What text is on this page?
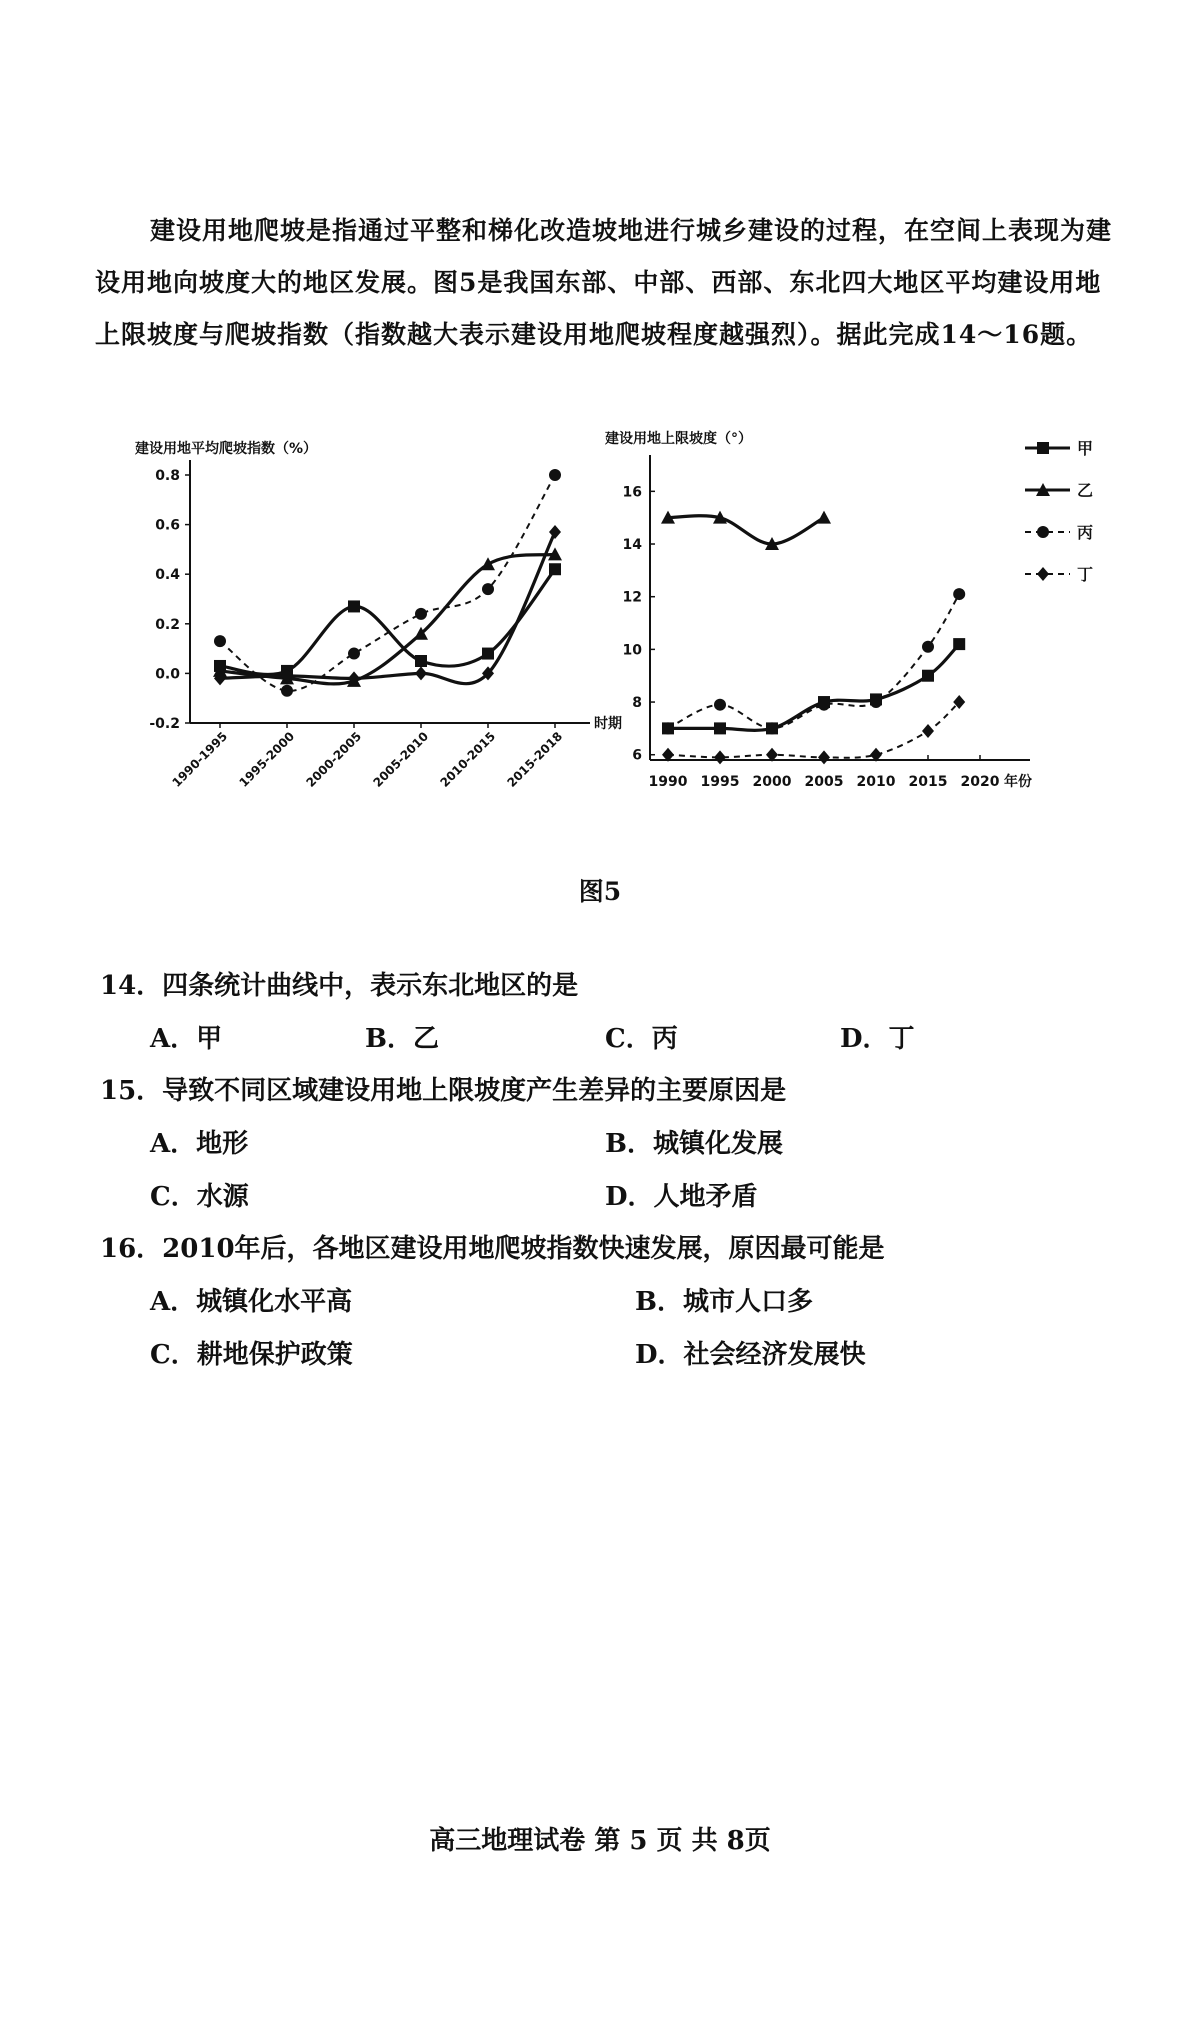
建设用地爬坡是指通过平整和梯化改造坡地进行城乡建设的过程，在空间上表现为建设用地向坡度大的地区发展。图5是我国东部、中部、西部、东北四大地区平均建设用地上限坡度与爬坡指数（指数越大表示建设用地爬坡程度越强烈）。据此完成14～16题。

建设用地平均爬坡指数（%）
时期
0.8
0.6
0.4
0.2
0.0
-0.2
1990-1995 1995-2000 2000-2005 2005-2010 2010-2015 2015-2018
建设用地上限坡度（°）
年份
16
14
12
10
8
6
1990 1995 2000 2005 2010 2015 2020
甲
乙
丙
丁
图5
14．四条统计曲线中，表示东北地区的是
A．甲	B．乙	C．丙	D．丁
15．导致不同区域建设用地上限坡度产生差异的主要原因是
A．地形	B．城镇化发展
C．水源	D．人地矛盾
16．2010年后，各地区建设用地爬坡指数快速发展，原因最可能是
A．城镇化水平高	B．城市人口多
C．耕地保护政策	D．社会经济发展快
高三地理试卷 第 5 页 共 8页
